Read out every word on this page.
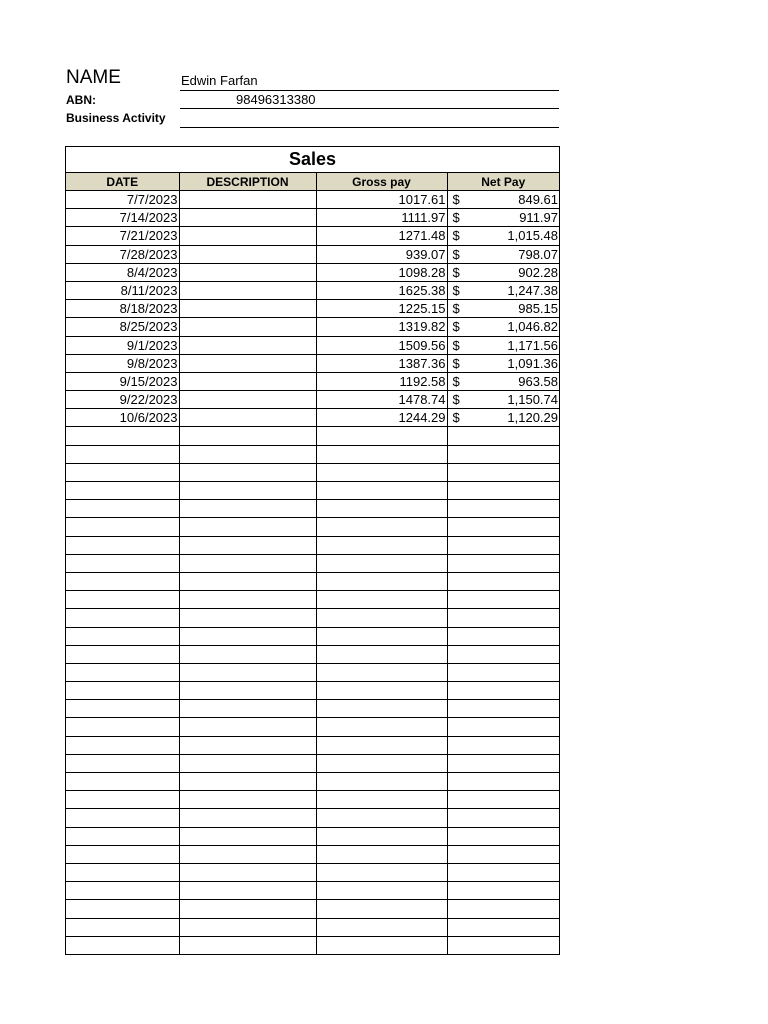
NAME	Edwin Farfan
ABN:	98496313380
Business Activity
Sales
DATE	DESCRIPTION	Gross pay	Net Pay
7/7/2023		1017.61	$ 849.61

7/14/2023		1111.97	$ 911.97

7/21/2023		1271.48	$ 1,015.48

7/28/2023		939.07	$ 798.07

8/4/2023		1098.28	$ 902.28

8/11/2023		1625.38	$ 1,247.38

8/18/2023		1225.15	$ 985.15

8/25/2023		1319.82	$ 1,046.82

9/1/2023		1509.56	$ 1,171.56

9/8/2023		1387.36	$ 1,091.36

9/15/2023		1192.58	$ 963.58

9/22/2023		1478.74	$ 1,150.74

10/6/2023		1244.29	$ 1,120.29
